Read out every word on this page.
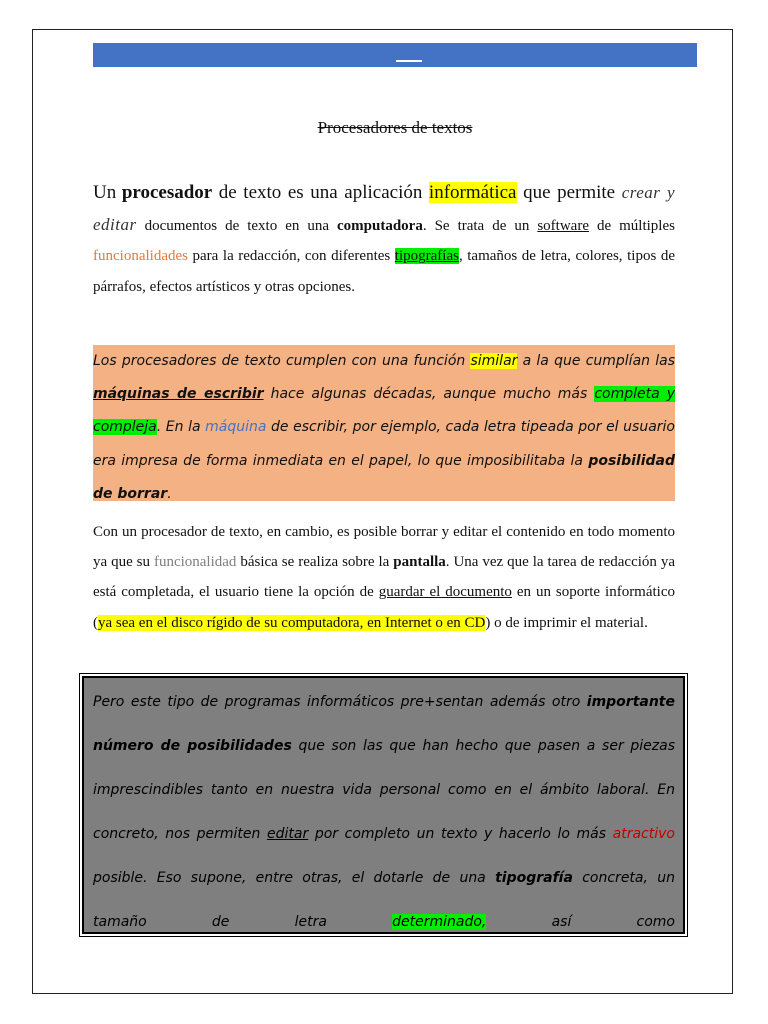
Procesadores de textos
Un procesador de texto es una aplicación informática que permite crear y editar documentos de texto en una computadora. Se trata de un software de múltiples funcionalidades para la redacción, con diferentes tipografías, tamaños de letra, colores, tipos de párrafos, efectos artísticos y otras opciones.
Los procesadores de texto cumplen con una función similar a la que cumplían las máquinas de escribir hace algunas décadas, aunque mucho más completa y compleja. En la máquina de escribir, por ejemplo, cada letra tipeada por el usuario era impresa de forma inmediata en el papel, lo que imposibilitaba la posibilidad de borrar.
Con un procesador de texto, en cambio, es posible borrar y editar el contenido en todo momento ya que su funcionalidad básica se realiza sobre la pantalla. Una vez que la tarea de redacción ya está completada, el usuario tiene la opción de guardar el documento en un soporte informático (ya sea en el disco rígido de su computadora, en Internet o en CD) o de imprimir el material.
Pero este tipo de programas informáticos pre+sentan además otro importante número de posibilidades que son las que han hecho que pasen a ser piezas imprescindibles tanto en nuestra vida personal como en el ámbito laboral. En concreto, nos permiten editar por completo un texto y hacerlo lo más atractivo posible. Eso supone, entre otras, el dotarle de una tipografía concreta, un tamaño de letra determinado, así como
